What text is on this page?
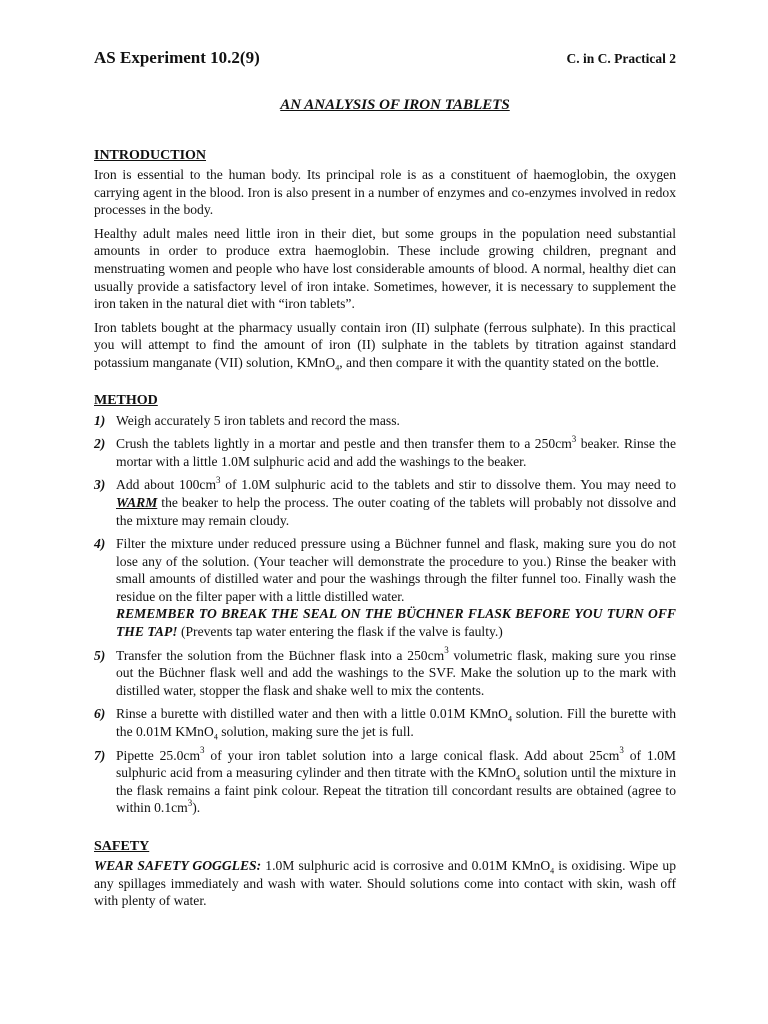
AS Experiment 10.2(9)	C. in C. Practical 2
AN ANALYSIS OF IRON TABLETS
INTRODUCTION

Iron is essential to the human body. Its principal role is as a constituent of haemoglobin, the oxygen carrying agent in the blood. Iron is also present in a number of enzymes and co-enzymes involved in redox processes in the body.

Healthy adult males need little iron in their diet, but some groups in the population need substantial amounts in order to produce extra haemoglobin. These include growing children, pregnant and menstruating women and people who have lost considerable amounts of blood. A normal, healthy diet can usually provide a satisfactory level of iron intake. Sometimes, however, it is necessary to supplement the iron taken in the natural diet with “iron tablets”.

Iron tablets bought at the pharmacy usually contain iron (II) sulphate (ferrous sulphate). In this practical you will attempt to find the amount of iron (II) sulphate in the tablets by titration against standard potassium manganate (VII) solution, KMnO$_4$, and then compare it with the quantity stated on the bottle.

METHOD
1) Weigh accurately 5 iron tablets and record the mass.
2) Crush the tablets lightly in a mortar and pestle and then transfer them to a $250cm^3$ beaker. Rinse the mortar with a little 1.0M sulphuric acid and add the washings to the beaker.
3) Add about $100cm^3$ of 1.0M sulphuric acid to the tablets and stir to dissolve them. You may need to WARM the beaker to help the process. The outer coating of the tablets will probably not dissolve and the mixture may remain cloudy.
4) Filter the mixture under reduced pressure using a Büchner funnel and flask, making sure you do not lose any of the solution. (Your teacher will demonstrate the procedure to you.) Rinse the beaker with small amounts of distilled water and pour the washings through the filter funnel too. Finally wash the residue on the filter paper with a little distilled water.
REMEMBER TO BREAK THE SEAL ON THE BÜCHNER FLASK BEFORE YOU TURN OFF THE TAP! (Prevents tap water entering the flask if the valve is faulty.)
5) Transfer the solution from the Büchner flask into a $250cm^3$ volumetric flask, making sure you rinse out the Büchner flask well and add the washings to the SVF. Make the solution up to the mark with distilled water, stopper the flask and shake well to mix the contents.
6) Rinse a burette with distilled water and then with a little 0.01M KMnO$_4$ solution. Fill the burette with the 0.01M KMnO$_4$ solution, making sure the jet is full.
7) Pipette $25.0cm^3$ of your iron tablet solution into a large conical flask. Add about $25cm^3$ of 1.0M sulphuric acid from a measuring cylinder and then titrate with the KMnO$_4$ solution until the mixture in the flask remains a faint pink colour. Repeat the titration till concordant results are obtained (agree to within $0.1cm^3$).
SAFETY

WEAR SAFETY GOGGLES: 1.0M sulphuric acid is corrosive and 0.01M KMnO$_4$ is oxidising. Wipe up any spillages immediately and wash with water. Should solutions come into contact with skin, wash off with plenty of water.
